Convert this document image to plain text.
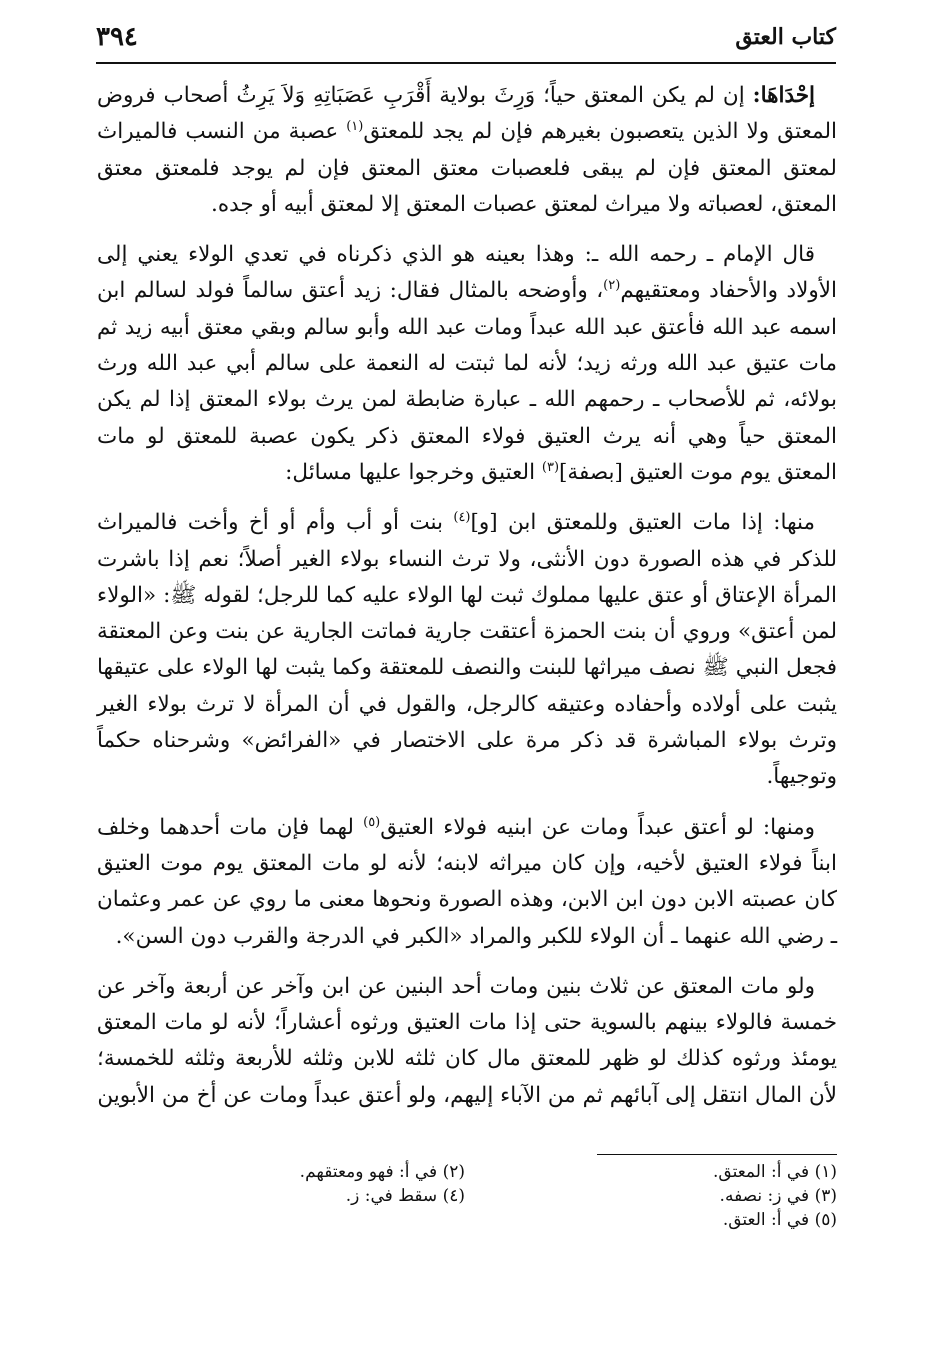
كتاب العتق
٣٩٤

إحْدَاهَا: إن لم يكن المعتق حياً؛ وَرِثَ بولاية أَقْرَبِ عَصَبَاتِهِ وَلاَ يَرِثُ أصحاب فروض المعتق ولا الذين يتعصبون بغيرهم فإن لم يجد للمعتق$^{(١)}$ عصبة من النسب فالميراث لمعتق المعتق فإن لم يبقى فلعصبات معتق المعتق فإن لم يوجد فلمعتق معتق المعتق، لعصباته ولا ميراث لمعتق عصبات المعتق إلا لمعتق أبيه أو جده.

قال الإمام ـ رحمه الله ـ: وهذا بعينه هو الذي ذكرناه في تعدي الولاء يعني إلى الأولاد والأحفاد ومعتقيهم$^{(٢)}$، وأوضحه بالمثال فقال: زيد أعتق سالماً فولد لسالم ابن اسمه عبد الله فأعتق عبد الله عبداً ومات عبد الله وأبو سالم وبقي معتق أبيه زيد ثم مات عتيق عبد الله ورثه زيد؛ لأنه لما ثبتت له النعمة على سالم أبي عبد الله ورث بولائه، ثم للأصحاب ـ رحمهم الله ـ عبارة ضابطة لمن يرث بولاء المعتق إذا لم يكن المعتق حياً وهي أنه يرث العتيق فولاء المعتق ذكر يكون عصبة للمعتق لو مات المعتق يوم موت العتيق [بصفة]$^{(٣)}$ العتيق وخرجوا عليها مسائل:

منها: إذا مات العتيق وللمعتق ابن [و]$^{(٤)}$ بنت أو أب وأم أو أخ وأخت فالميراث للذكر في هذه الصورة دون الأنثى، ولا ترث النساء بولاء الغير أصلاً؛ نعم إذا باشرت المرأة الإعتاق أو عتق عليها مملوك ثبت لها الولاء عليه كما للرجل؛ لقوله ﷺ: «الولاء لمن أعتق» وروي أن بنت الحمزة أعتقت جارية فماتت الجارية عن بنت وعن المعتقة فجعل النبي ﷺ نصف ميراثها للبنت والنصف للمعتقة وكما يثبت لها الولاء على عتيقها يثبت على أولاده وأحفاده وعتيقه كالرجل، والقول في أن المرأة لا ترث بولاء الغير وترث بولاء المباشرة قد ذكر مرة على الاختصار في «الفرائض» وشرحناه حكماً وتوجيهاً.

ومنها: لو أعتق عبداً ومات عن ابنيه فولاء العتيق$^{(٥)}$ لهما فإن مات أحدهما وخلف ابناً فولاء العتيق لأخيه، وإن كان ميراثه لابنه؛ لأنه لو مات المعتق يوم موت العتيق كان عصبته الابن دون ابن الابن، وهذه الصورة ونحوها معنى ما روي عن عمر وعثمان ـ رضي الله عنهما ـ أن الولاء للكبر والمراد «الكبر في الدرجة والقرب دون السن».

ولو مات المعتق عن ثلاث بنين ومات أحد البنين عن ابن وآخر عن أربعة وآخر عن خمسة فالولاء بينهم بالسوية حتى إذا مات العتيق ورثوه أعشاراً؛ لأنه لو مات المعتق يومئذ ورثوه كذلك لو ظهر للمعتق مال كان ثلثه للابن وثلثه للأربعة وثلثه للخمسة؛ لأن المال انتقل إلى آبائهم ثم من الآباء إليهم، ولو أعتق عبداً ومات عن أخ من الأبوين

(١) في أ: المعتق.
(٣) في ز: نصفه.
(٥) في أ: العتق.
(٢) في أ: فهو ومعتقهم.
(٤) سقط في: ز.
